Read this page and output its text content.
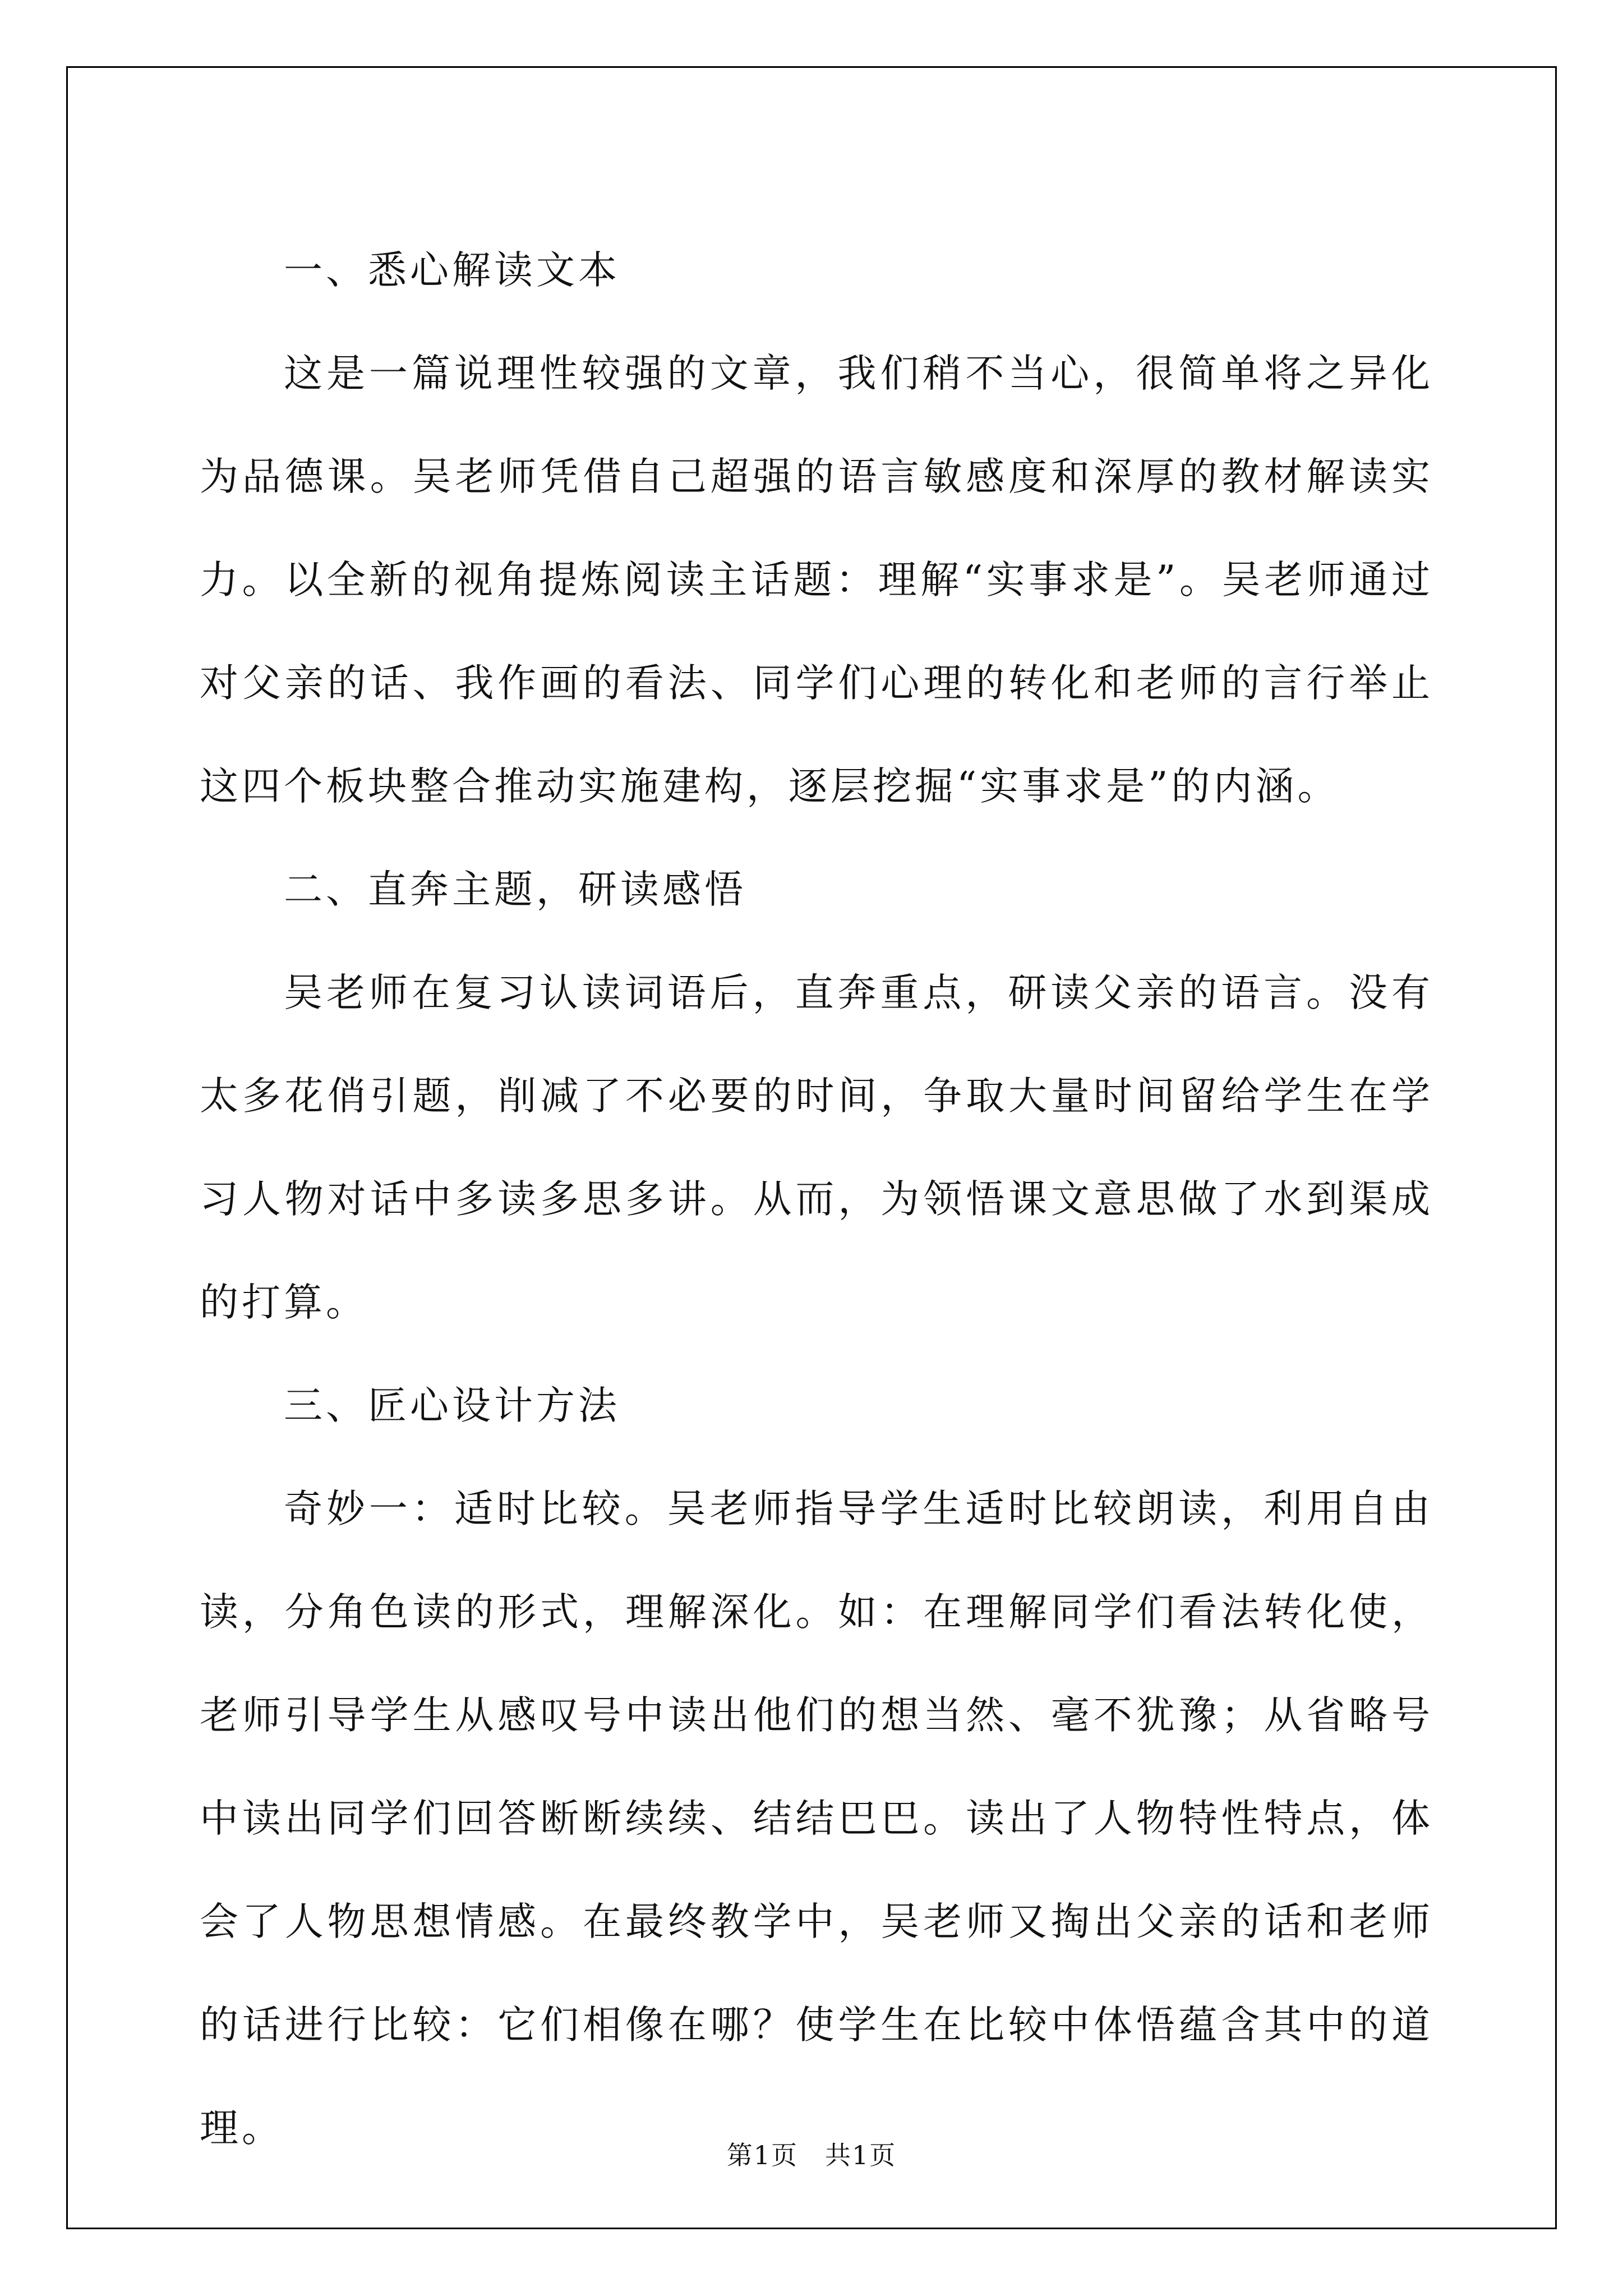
一、悉心解读文本

这是一篇说理性较强的文章，我们稍不当心，很简单将之异化为品德课。吴老师凭借自己超强的语言敏感度和深厚的教材解读实力。以全新的视角提炼阅读主话题：理解“实事求是”。吴老师通过对父亲的话、我作画的看法、同学们心理的转化和老师的言行举止这四个板块整合推动实施建构，逐层挖掘“实事求是”的内涵。

二、直奔主题，研读感悟

吴老师在复习认读词语后，直奔重点，研读父亲的语言。没有太多花俏引题，削减了不必要的时间，争取大量时间留给学生在学习人物对话中多读多思多讲。从而，为领悟课文意思做了水到渠成的打算。

三、匠心设计方法

奇妙一：适时比较。吴老师指导学生适时比较朗读，利用自由读，分角色读的形式，理解深化。如：在理解同学们看法转化使，老师引导学生从感叹号中读出他们的想当然、毫不犹豫；从省略号中读出同学们回答断断续续、结结巴巴。读出了人物特性特点，体会了人物思想情感。在最终教学中，吴老师又掏出父亲的话和老师的话进行比较：它们相像在哪？使学生在比较中体悟蕴含其中的道理。

第1页　共1页
